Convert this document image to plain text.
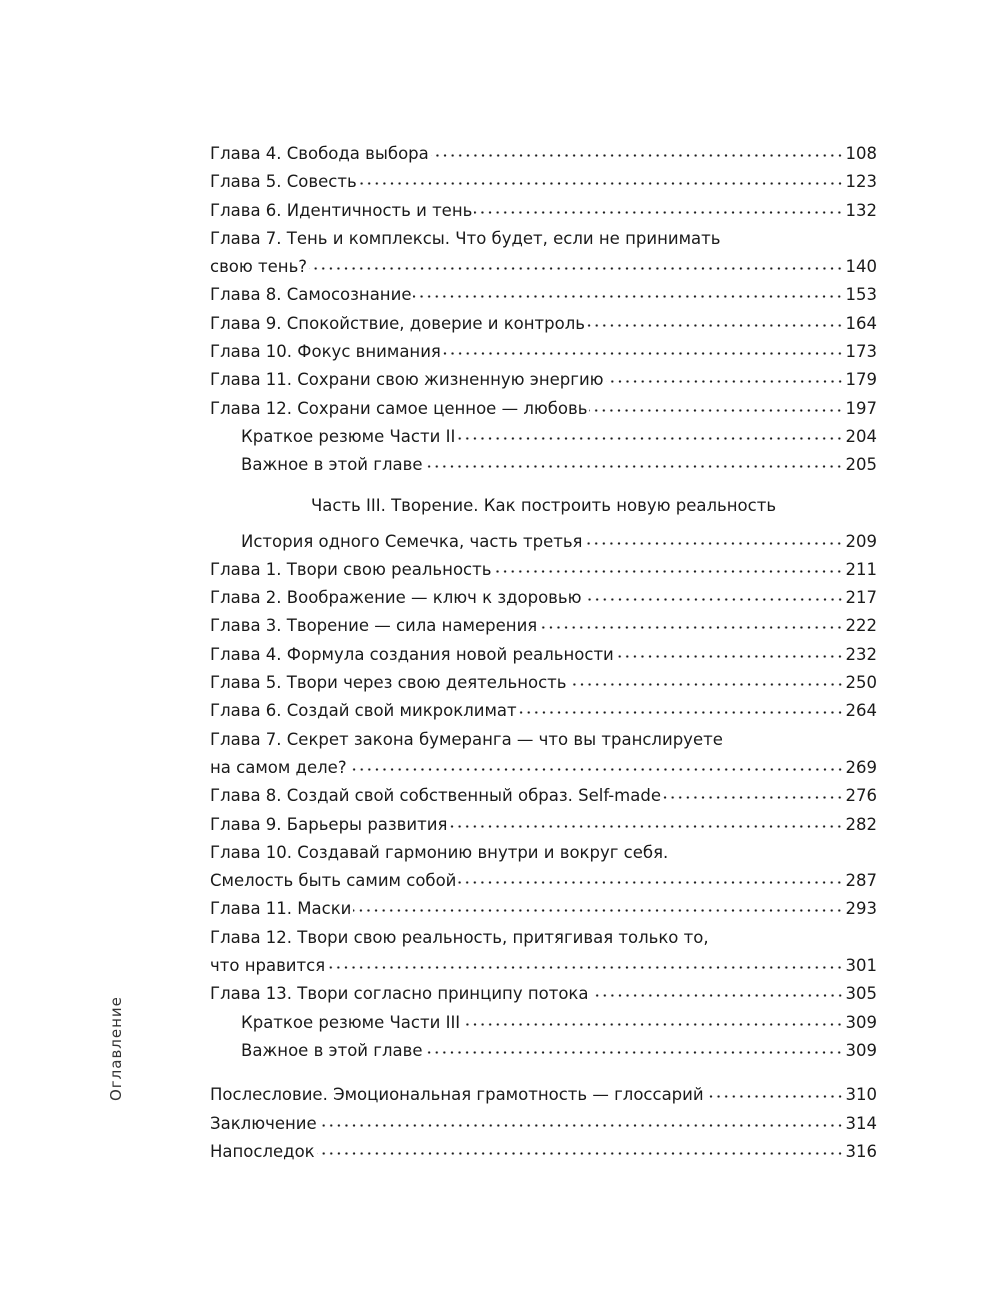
Оглавление
Глава 4. Свобода выбора	108
Глава 5. Совесть	123
Глава 6. Идентичность и тень	132
Глава 7. Тень и комплексы. Что будет, если не принимать
свою тень?	140
Глава 8. Самосознание	153
Глава 9. Спокойствие, доверие и контроль	164
Глава 10. Фокус внимания	173
Глава 11. Сохрани свою жизненную энергию	179
Глава 12. Сохрани самое ценное — любовь	197
Краткое резюме Части II	204
Важное в этой главе	205
Часть III. Творение. Как построить новую реальность
История одного Семечка, часть третья	209
Глава 1. Твори свою реальность	211
Глава 2. Воображение — ключ к здоровью	217
Глава 3. Творение — сила намерения	222
Глава 4. Формула создания новой реальности	232
Глава 5. Твори через свою деятельность	250
Глава 6. Создай свой микроклимат	264
Глава 7. Секрет закона бумеранга — что вы транслируете
на самом деле?	269
Глава 8. Создай свой собственный образ. Self-made	276
Глава 9. Барьеры развития	282
Глава 10. Создавай гармонию внутри и вокруг себя.
Смелость быть самим собой	287
Глава 11. Маски	293
Глава 12. Твори свою реальность, притягивая только то,
что нравится	301
Глава 13. Твори согласно принципу потока	305
Краткое резюме Части III	309
Важное в этой главе	309
Послесловие. Эмоциональная грамотность — глоссарий	310
Заключение	314
Напоследок	316
